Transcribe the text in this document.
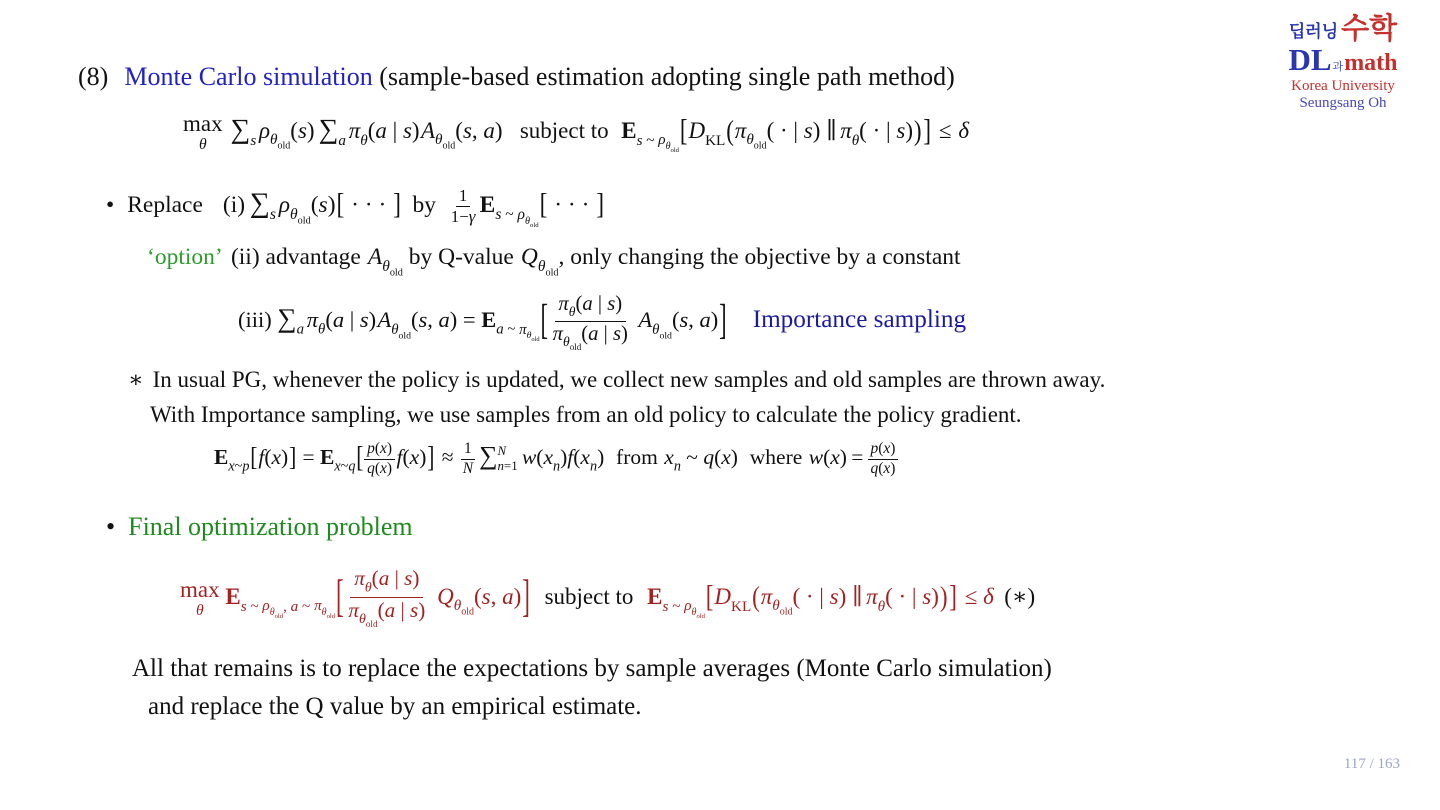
딥러닝 수학
DL 과 math
Korea University
Seungsang Oh
(8) Monte Carlo simulation (sample-based estimation adopting single path method)
max
θ
$\sum_s$ $\rho_{\theta_{old}}(s)$ $\sum_a$ $\pi_\theta(a$ | $s)A_{\theta_{old}}(s$, a) subject to $E_{s \sim \rho_{\theta_{old}}}[D_{KL}(\pi_{\theta_{old}}$( · | s) ∥ $\pi_\theta$( · | s))] ≤ δ
• Replace (i) $\sum_s$ $\rho_{\theta_{old}}(s)$[ · · · ] by $\frac{1}{1-\gamma} E_{s \sim \rho_{\theta_{old}}}$[ · · · ]
‘option’ (ii) advantage $A_{\theta_{old}}by$ Q-value $Q_{\theta_{old}}$, only changing the objective by a constant
(iii) $\sum_a$ $\pi_\theta(a$ | $s)A_{\theta_{old}}(s$, $a) = E_{a \sim \pi_{\theta_{old}}}$[ $\pi_\theta(a$ | s)
$\pi_{\theta_{old}}(a$ | s)
$A_{\theta_{old}}(s$, a)] Importance sampling
∗ In usual PG, whenever the policy is updated, we collect new samples and old samples are thrown away.
With Importance sampling, we use samples from an old policy to calculate the policy gradient.
$E_{x\sim p}[f(x)] = E_{x\sim q}[ \frac{p(x)}{q(x)} f(x)] \approx \frac{1}{N}$ ∑ N
n=1 $w(x_n)f(x_n)$ from $x_n$ ~ q(x) where $w(x) = \frac{p(x)}{q(x)}$
• Final optimization problem
max
θ
$E_{s \sim \rho_{\theta_{old}}, a \sim \pi_{\theta_{old}}}$[ $\pi_\theta(a$ | s)
$\pi_{\theta_{old}}(a$ | s)
$Q_{\theta_{old}}(s$, a)] subject to $E_{s \sim \rho_{\theta_{old}}}[D_{KL}(\pi_{\theta_{old}}$( · | s) ∥ $\pi_\theta$( · | s))] ≤ δ (∗)
All that remains is to replace the expectations by sample averages (Monte Carlo simulation)
and replace the Q value by an empirical estimate.
117 / 163
